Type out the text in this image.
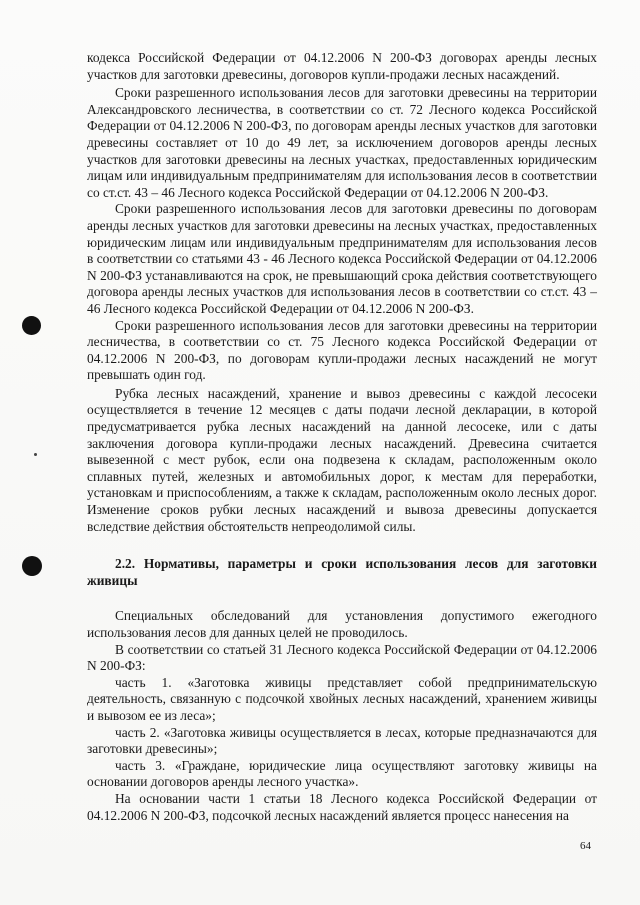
кодекса Российской Федерации от 04.12.2006 N 200-ФЗ договорах аренды лесных участков для заготовки древесины, договоров купли-продажи лесных насаждений.

Сроки разрешенного использования лесов для заготовки древесины на территории Александровского лесничества, в соответствии со ст. 72 Лесного кодекса Российской Федерации от 04.12.2006 N 200-ФЗ, по договорам аренды лесных участков для заготовки древесины составляет от 10 до 49 лет, за исключением договоров аренды лесных участков для заготовки древесины на лесных участках, предоставленных юридическим лицам или индивидуальным предпринимателям для использования лесов в соответствии со ст.ст. 43 – 46 Лесного кодекса Российской Федерации от 04.12.2006 N 200-ФЗ.

Сроки разрешенного использования лесов для заготовки древесины по договорам аренды лесных участков для заготовки древесины на лесных участках, предоставленных юридическим лицам или индивидуальным предпринимателям для использования лесов в соответствии со статьями 43 - 46 Лесного кодекса Российской Федерации от 04.12.2006 N 200-ФЗ устанавливаются на срок, не превышающий срока действия соответствующего договора аренды лесных участков для использования лесов в соответствии со ст.ст. 43 – 46 Лесного кодекса Российской Федерации от 04.12.2006 N 200-ФЗ.

Сроки разрешенного использования лесов для заготовки древесины на территории лесничества, в соответствии со ст. 75 Лесного кодекса Российской Федерации от 04.12.2006 N 200-ФЗ, по договорам купли-продажи лесных насаждений не могут превышать один год.

Рубка лесных насаждений, хранение и вывоз древесины с каждой лесосеки осуществляется в течение 12 месяцев с даты подачи лесной декларации, в которой предусматривается рубка лесных насаждений на данной лесосеке, или с даты заключения договора купли-продажи лесных насаждений. Древесина считается вывезенной с мест рубок, если она подвезена к складам, расположенным около сплавных путей, железных и автомобильных дорог, к местам для переработки, установкам и приспособлениям, а также к складам, расположенным около лесных дорог. Изменение сроков рубки лесных насаждений и вывоза древесины допускается вследствие действия обстоятельств непреодолимой силы.

2.2. Нормативы, параметры и сроки использования лесов для заготовки живицы

Специальных обследований для установления допустимого ежегодного использования лесов для данных целей не проводилось.

В соответствии со статьей 31 Лесного кодекса Российской Федерации от 04.12.2006 N 200-ФЗ:

часть 1. «Заготовка живицы представляет собой предпринимательскую деятельность, связанную с подсочкой хвойных лесных насаждений, хранением живицы и вывозом ее из леса»;

часть 2. «Заготовка живицы осуществляется в лесах, которые предназначаются для заготовки древесины»;

часть 3. «Граждане, юридические лица осуществляют заготовку живицы на основании договоров аренды лесного участка».

На основании части 1 статьи 18 Лесного кодекса Российской Федерации от 04.12.2006 N 200-ФЗ, подсочкой лесных насаждений является процесс нанесения на

64
